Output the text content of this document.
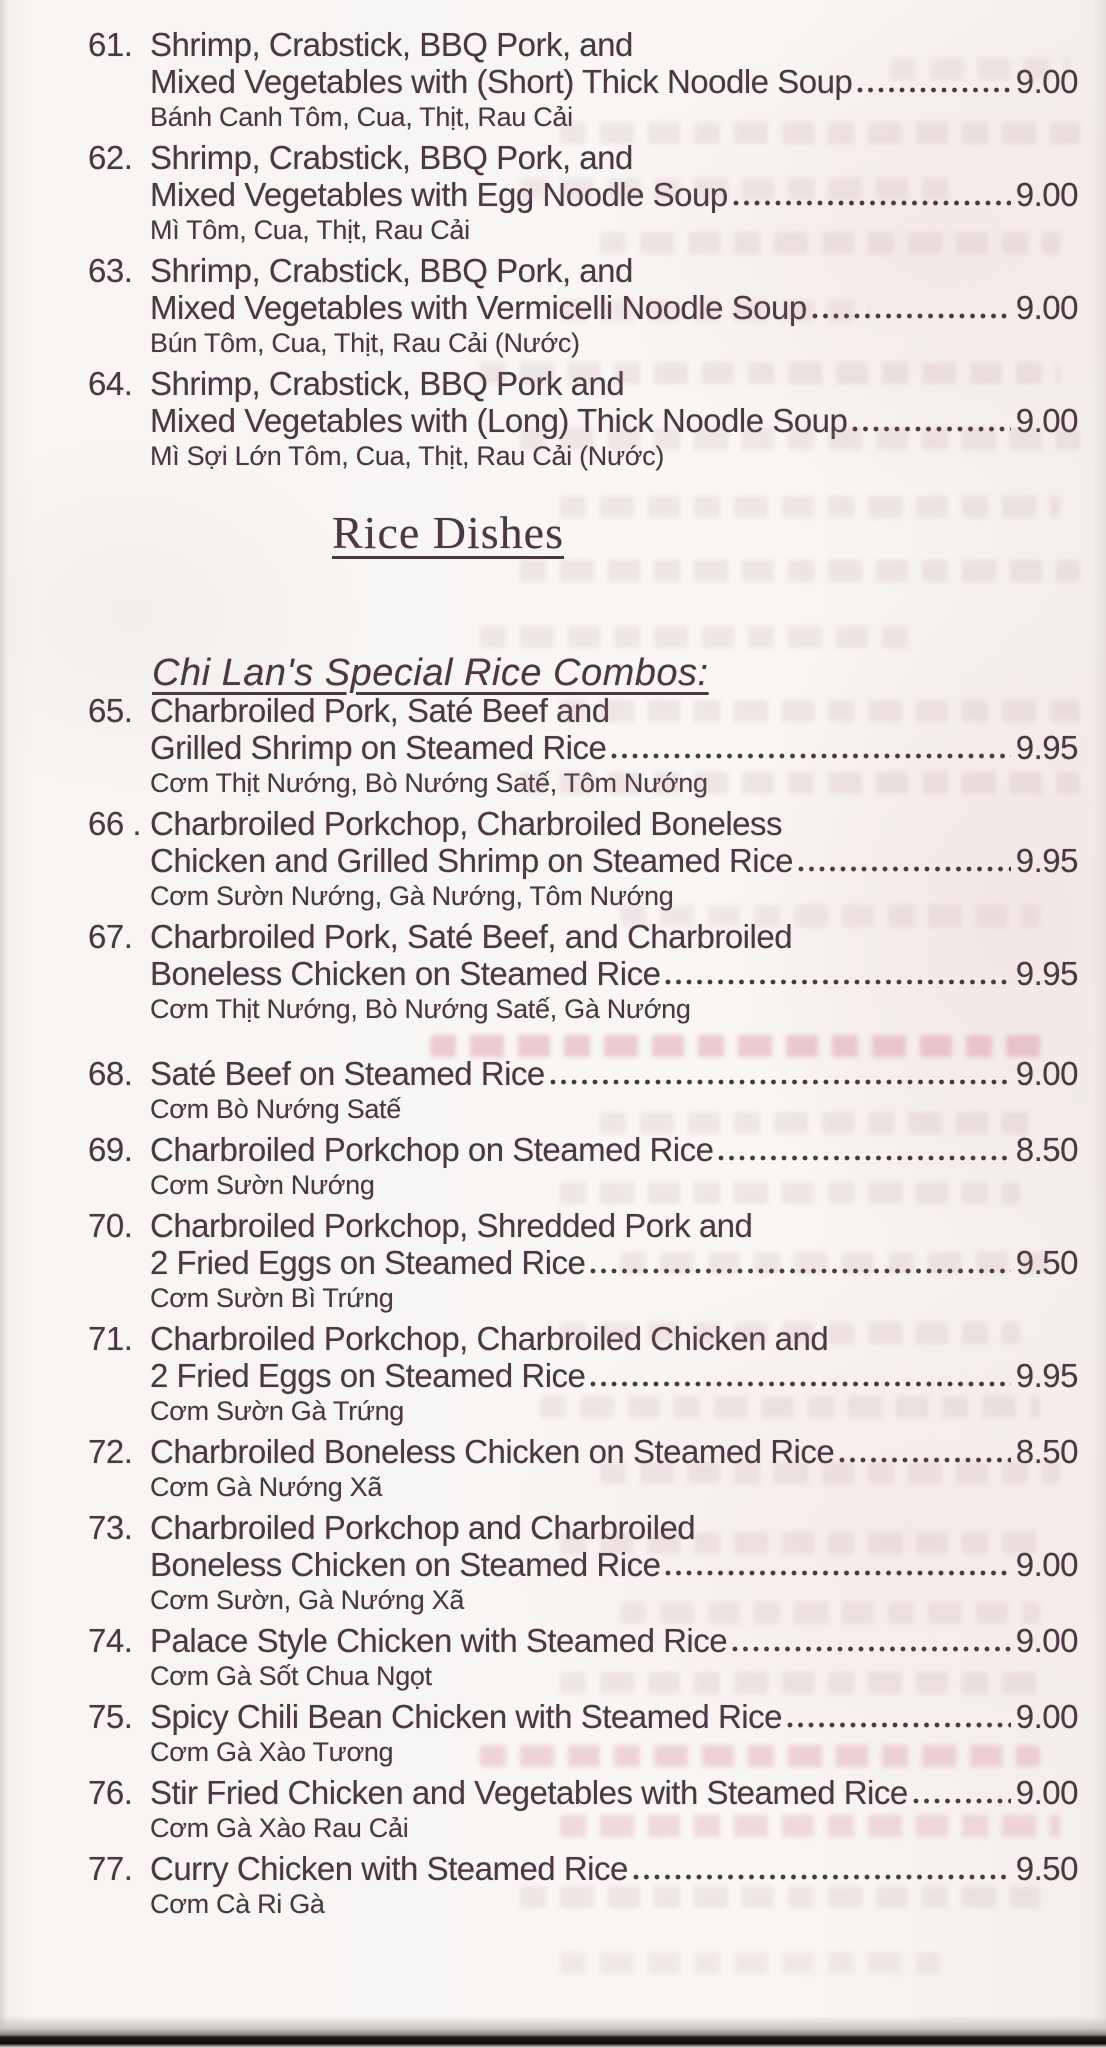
61. Shrimp, Crabstick, BBQ Pork, and
Mixed Vegetables with (Short) Thick Noodle Soup	9.00
Bánh Canh Tôm, Cua, Thịt, Rau Cải
62. Shrimp, Crabstick, BBQ Pork, and
Mixed Vegetables with Egg Noodle Soup	9.00
Mì Tôm, Cua, Thịt, Rau Cải
63. Shrimp, Crabstick, BBQ Pork, and
Mixed Vegetables with Vermicelli Noodle Soup	9.00
Bún Tôm, Cua, Thịt, Rau Cải (Nước)
64. Shrimp, Crabstick, BBQ Pork and
Mixed Vegetables with (Long) Thick Noodle Soup	9.00
Mì Sợi Lớn Tôm, Cua, Thịt, Rau Cải (Nước)
Rice Dishes
Chi Lan's Special Rice Combos:
65. Charbroiled Pork, Saté Beef and
Grilled Shrimp on Steamed Rice	9.95
Cơm Thịt Nướng, Bò Nướng Satế, Tôm Nướng
66 . Charbroiled Porkchop, Charbroiled Boneless
Chicken and Grilled Shrimp on Steamed Rice	9.95
Cơm Sườn Nướng, Gà Nướng, Tôm Nướng
67. Charbroiled Pork, Saté Beef, and Charbroiled
Boneless Chicken on Steamed Rice	9.95
Cơm Thịt Nướng, Bò Nướng Satế, Gà Nướng
68. Saté Beef on Steamed Rice	9.00
Cơm Bò Nướng Satế
69. Charbroiled Porkchop on Steamed Rice	8.50
Cơm Sườn Nướng
70. Charbroiled Porkchop, Shredded Pork and
2 Fried Eggs on Steamed Rice	9.50
Cơm Sườn Bì Trứng
71. Charbroiled Porkchop, Charbroiled Chicken and
2 Fried Eggs on Steamed Rice	9.95
Cơm Sườn Gà Trứng
72. Charbroiled Boneless Chicken on Steamed Rice	8.50
Cơm Gà Nướng Xã
73. Charbroiled Porkchop and Charbroiled
Boneless Chicken on Steamed Rice	9.00
Cơm Sườn, Gà Nướng Xã
74. Palace Style Chicken with Steamed Rice	9.00
Cơm Gà Sốt Chua Ngọt
75. Spicy Chili Bean Chicken with Steamed Rice	9.00
Cơm Gà Xào Tương
76. Stir Fried Chicken and Vegetables with Steamed Rice	9.00
Cơm Gà Xào Rau Cải
77. Curry Chicken with Steamed Rice	9.50
Cơm Cà Ri Gà
